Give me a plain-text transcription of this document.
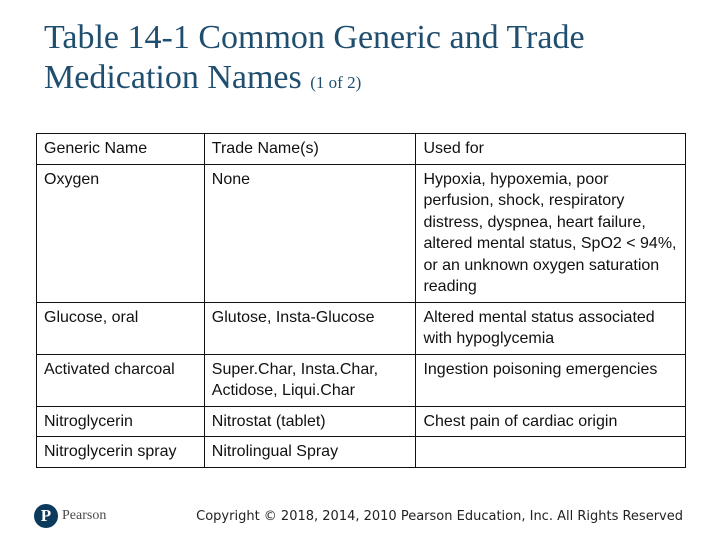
Table 14-1 Common Generic and Trade Medication Names (1 of 2)
Generic Name	Trade Name(s)	Used for
Oxygen	None	Hypoxia, hypoxemia, poor perfusion, shock, respiratory distress, dyspnea, heart failure, altered mental status, SpO2 < 94%, or an unknown oxygen saturation reading
Glucose, oral	Glutose, Insta-Glucose	Altered mental status associated with hypoglycemia
Activated charcoal	Super.Char, Insta.Char, Actidose, Liqui.Char	Ingestion poisoning emergencies
Nitroglycerin	Nitrostat (tablet)	Chest pain of cardiac origin
Nitroglycerin spray	Nitrolingual Spray	
P Pearson	Copyright © 2018, 2014, 2010 Pearson Education, Inc. All Rights Reserved
